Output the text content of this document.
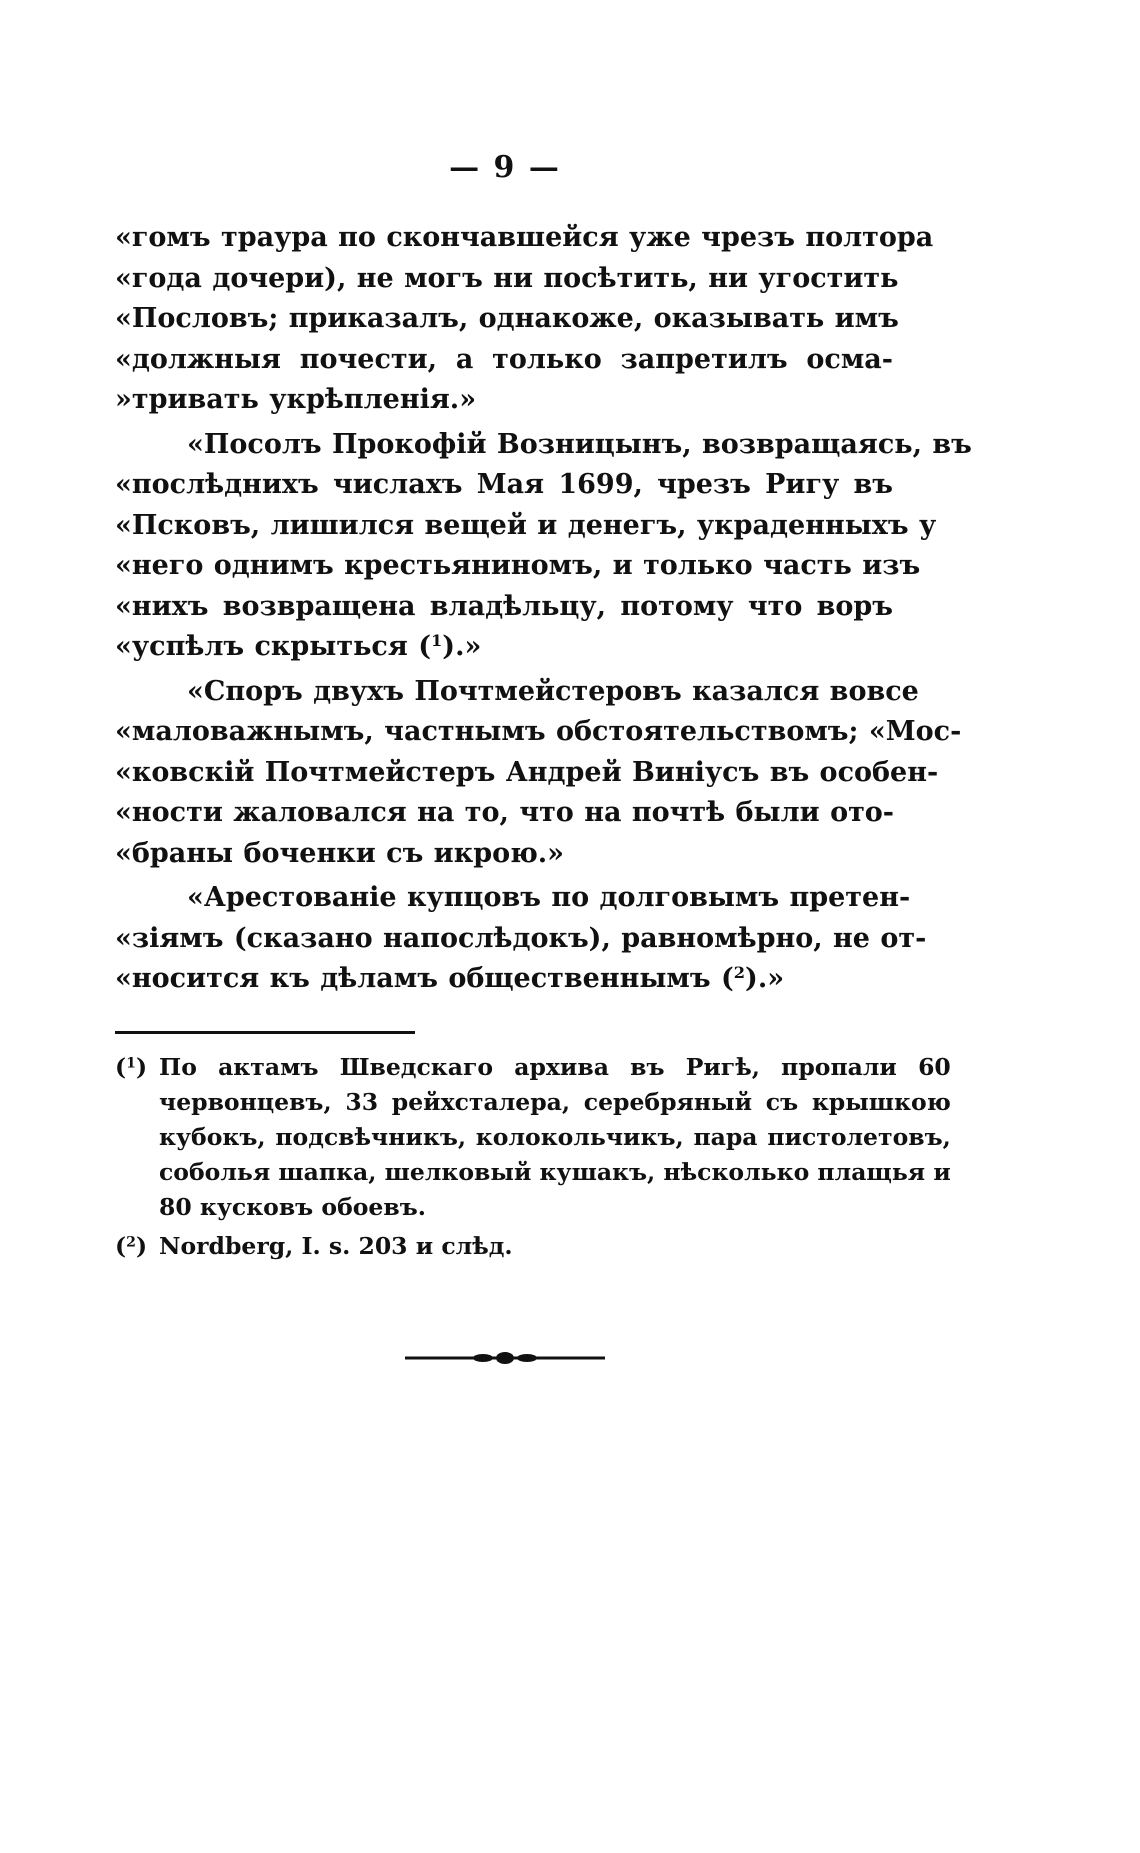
— 9 —
«гомъ траура по скончавшейся уже чрезъ полтора
«года дочери), не могъ ни посѣтить, ни угостить
«Пословъ; приказалъ, однакоже, оказывать имъ
«должныя почести, а только запретилъ осма-
»тривать укрѣпленія.»
«Посолъ Прокофій Возницынъ, возвращаясь, въ
«послѣднихъ числахъ Мая 1699, чрезъ Ригу въ
«Псковъ, лишился вещей и денегъ, украденныхъ у
«него однимъ крестьяниномъ, и только часть изъ
«нихъ возвращена владѣльцу, потому что воръ
«успѣлъ скрыться ($^1$).»
«Споръ двухъ Почтмейстеровъ казался вовсе
«маловажнымъ, частнымъ обстоятельствомъ; «Мос-
«ковскій Почтмейстеръ Андрей Виніусъ въ особен-
«ности жаловался на то, что на почтѣ были ото-
«браны боченки съ икрою.»
«Арестованіе купцовъ по долговымъ претен-
«зіямъ (сказано напослѣдокъ), равномѣрно, не от-
«носится къ дѣламъ общественнымъ ($^2$).»
($^1$) По актамъ Шведскаго архива въ Ригѣ, пропали 60
червонцевъ, 33 рейхсталера, серебряный съ крышкою
кубокъ, подсвѣчникъ, колокольчикъ, пара пистолетовъ,
соболья шапка, шелковый кушакъ, нѣсколько плащья и
80 кусковъ обоевъ.
($^2$) Nordberg, I. s. 203 и слѣд.
